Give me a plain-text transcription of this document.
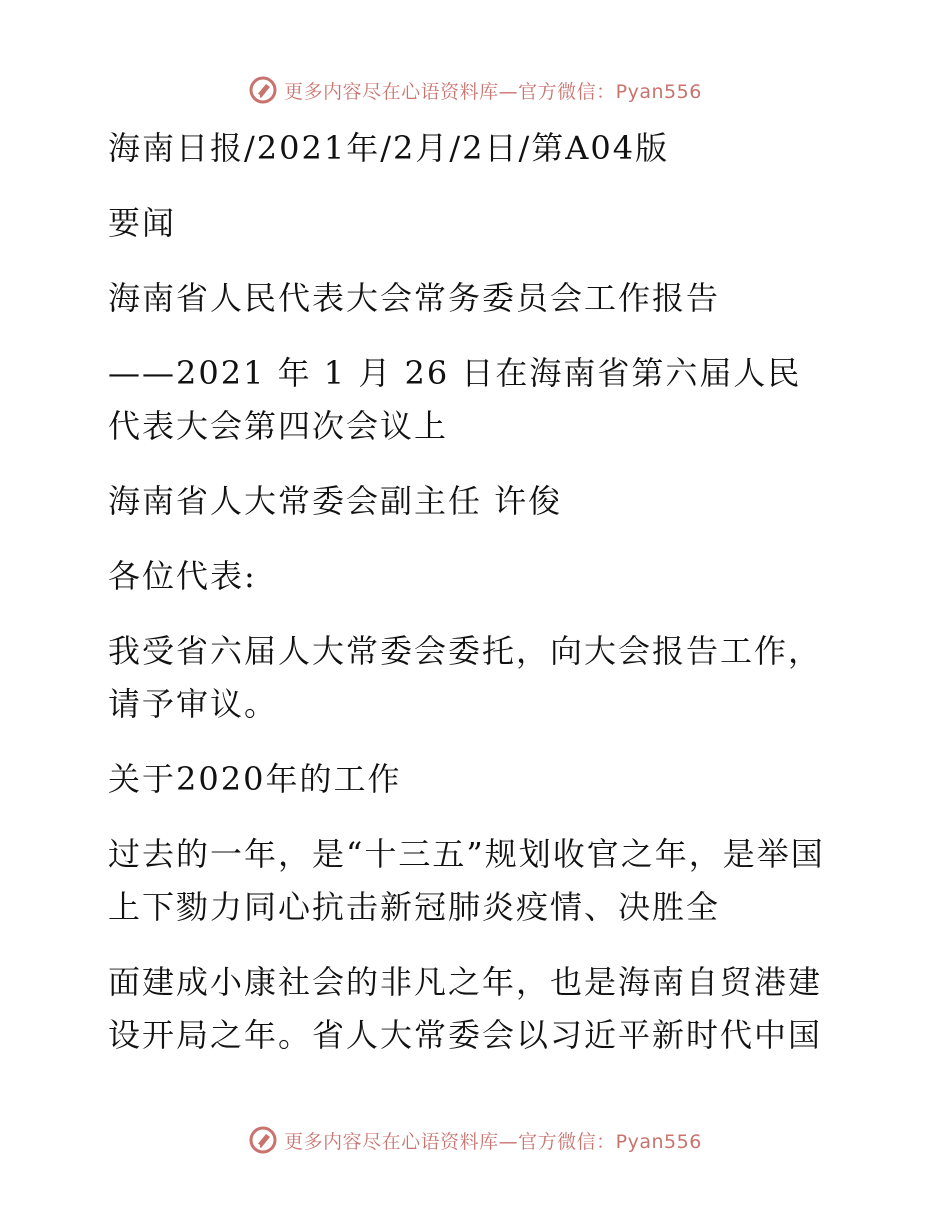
更多内容尽在心语资料库—官方微信：Pyan556

海南日报/2021年/2月/2日/第A04版

要闻

海南省人民代表大会常务委员会工作报告

——2021 年 1 月 26 日在海南省第六届人民代表大会第四次会议上

海南省人大常委会副主任 许俊

各位代表:

我受省六届人大常委会委托，向大会报告工作，请予审议。

关于2020年的工作

过去的一年，是“十三五”规划收官之年，是举国上下勠力同心抗击新冠肺炎疫情、决胜全

面建成小康社会的非凡之年，也是海南自贸港建设开局之年。省人大常委会以习近平新时代中国

更多内容尽在心语资料库—官方微信：Pyan556
